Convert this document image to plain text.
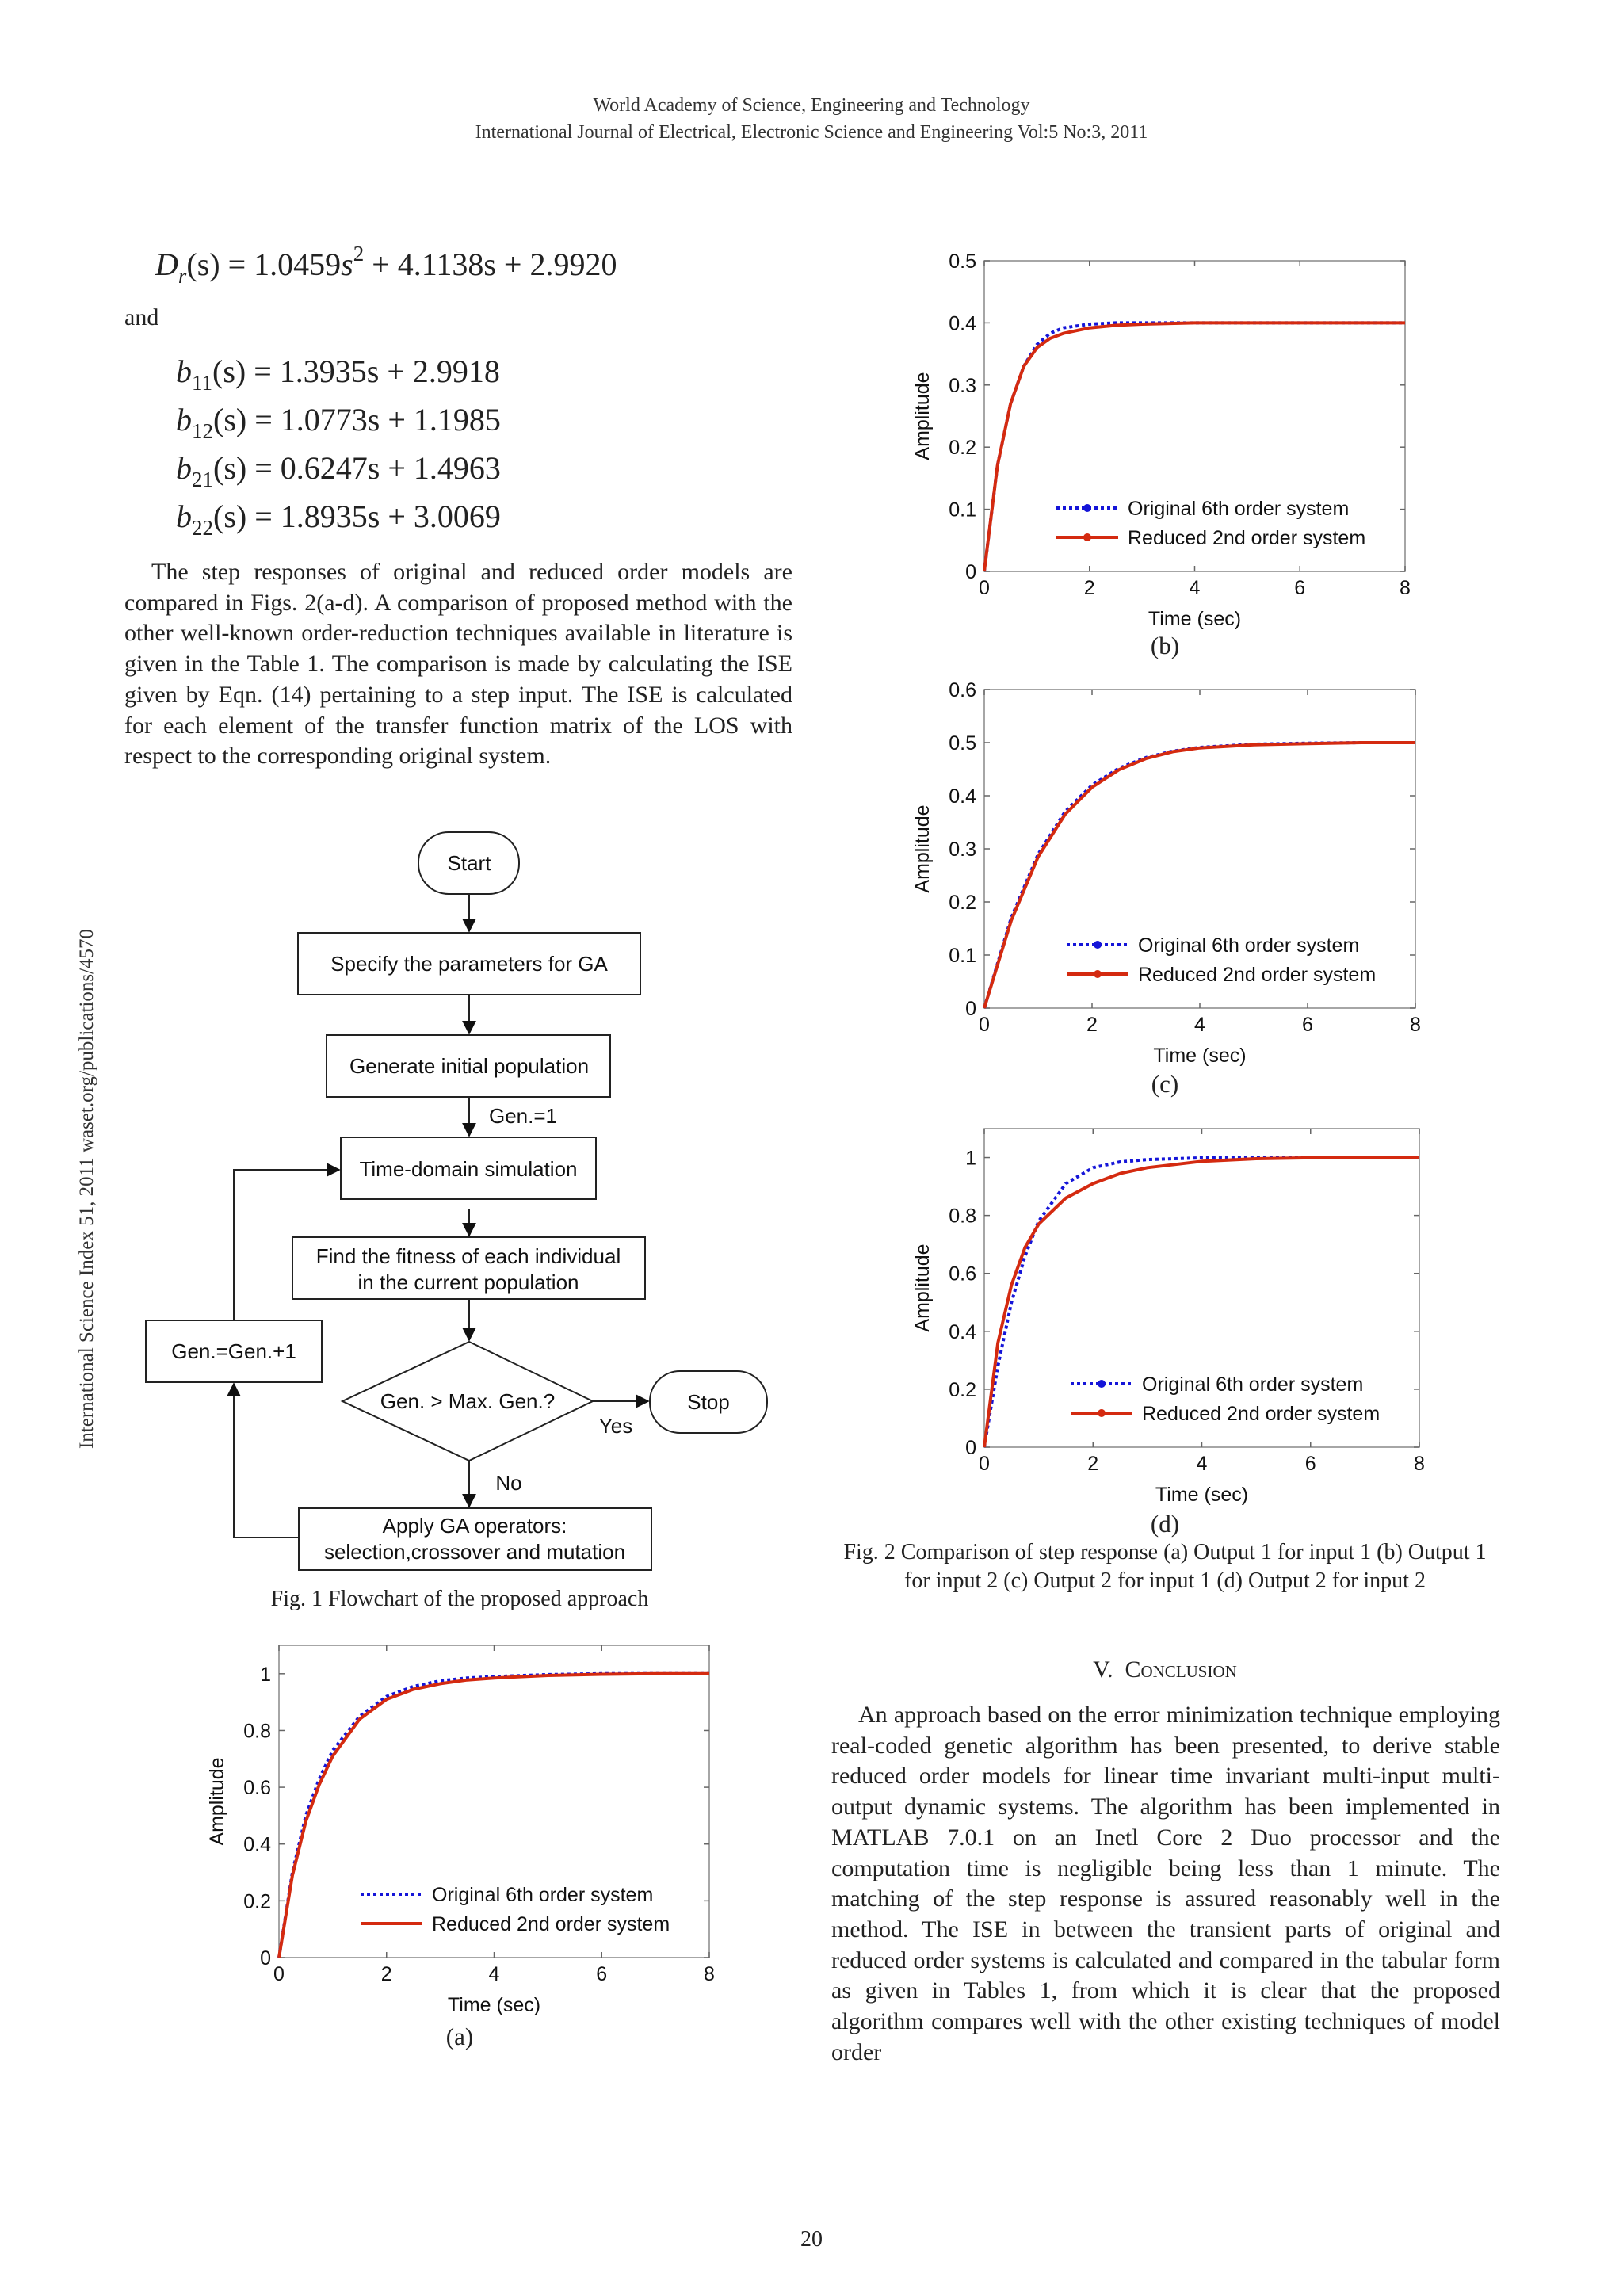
World Academy of Science, Engineering and Technology
International Journal of Electrical, Electronic Science and Engineering Vol:5 No:3, 2011
International Science Index 51, 2011 waset.org/publications/4570
$D_r(s) = 1.0459s^2 + 4.1138s + 2.9920$
and
$b_{11}(s) = 1.3935s + 2.9918$
$b_{12}(s) = 1.0773s + 1.1985$
$b_{21}(s) = 0.6247s + 1.4963$
$b_{22}(s) = 1.8935s + 3.0069$
The step responses of original and reduced order models are compared in Figs. 2(a-d). A comparison of proposed method with the other well-known order-reduction techniques available in literature is given in the Table 1. The comparison is made by calculating the ISE given by Eqn. (14) pertaining to a step input. The ISE is calculated for each element of the transfer function matrix of the LOS with respect to the corresponding original system.
Start
Specify the parameters for GA
Generate initial population
Gen.=1
Time-domain simulation
Find the fitness of each individual
in the current population
Gen.=Gen.+1
Gen. > Max. Gen.?
Yes
No
Stop
Apply GA operators:
selection,crossover and mutation
Fig. 1 Flowchart of the proposed approach
0	2	4	6	8
0
0.2
0.4
0.6
0.8
1
Time (sec)
Amplitude
Original 6th order system
Reduced 2nd order system
0	2	4	6	8
0
0.1
0.2
0.3
0.4
0.5
Time (sec)
Amplitude
Original 6th order system
Reduced 2nd order system
0	2	4	6	8
0
0.1
0.2
0.3
0.4
0.5
0.6
Time (sec)
Amplitude
Original 6th order system
Reduced 2nd order system
0	2	4	6	8
0
0.2
0.4
0.6
0.8
1
Time (sec)
Amplitude
Original 6th order system
Reduced 2nd order system
(a)
(b)
(c)
(d)
Fig. 2 Comparison of step response (a) Output 1 for input 1 (b) Output 1 for input 2 (c) Output 2 for input 1 (d) Output 2 for input 2
V. Conclusion
An approach based on the error minimization technique employing real-coded genetic algorithm has been presented, to derive stable reduced order models for linear time invariant multi-input multi-output dynamic systems. The algorithm has been implemented in MATLAB 7.0.1 on an Inetl Core 2 Duo processor and the computation time is negligible being less than 1 minute. The matching of the step response is assured reasonably well in the method. The ISE in between the transient parts of original and reduced order systems is calculated and compared in the tabular form as given in Tables 1, from which it is clear that the proposed algorithm compares well with the other existing techniques of model order
20
